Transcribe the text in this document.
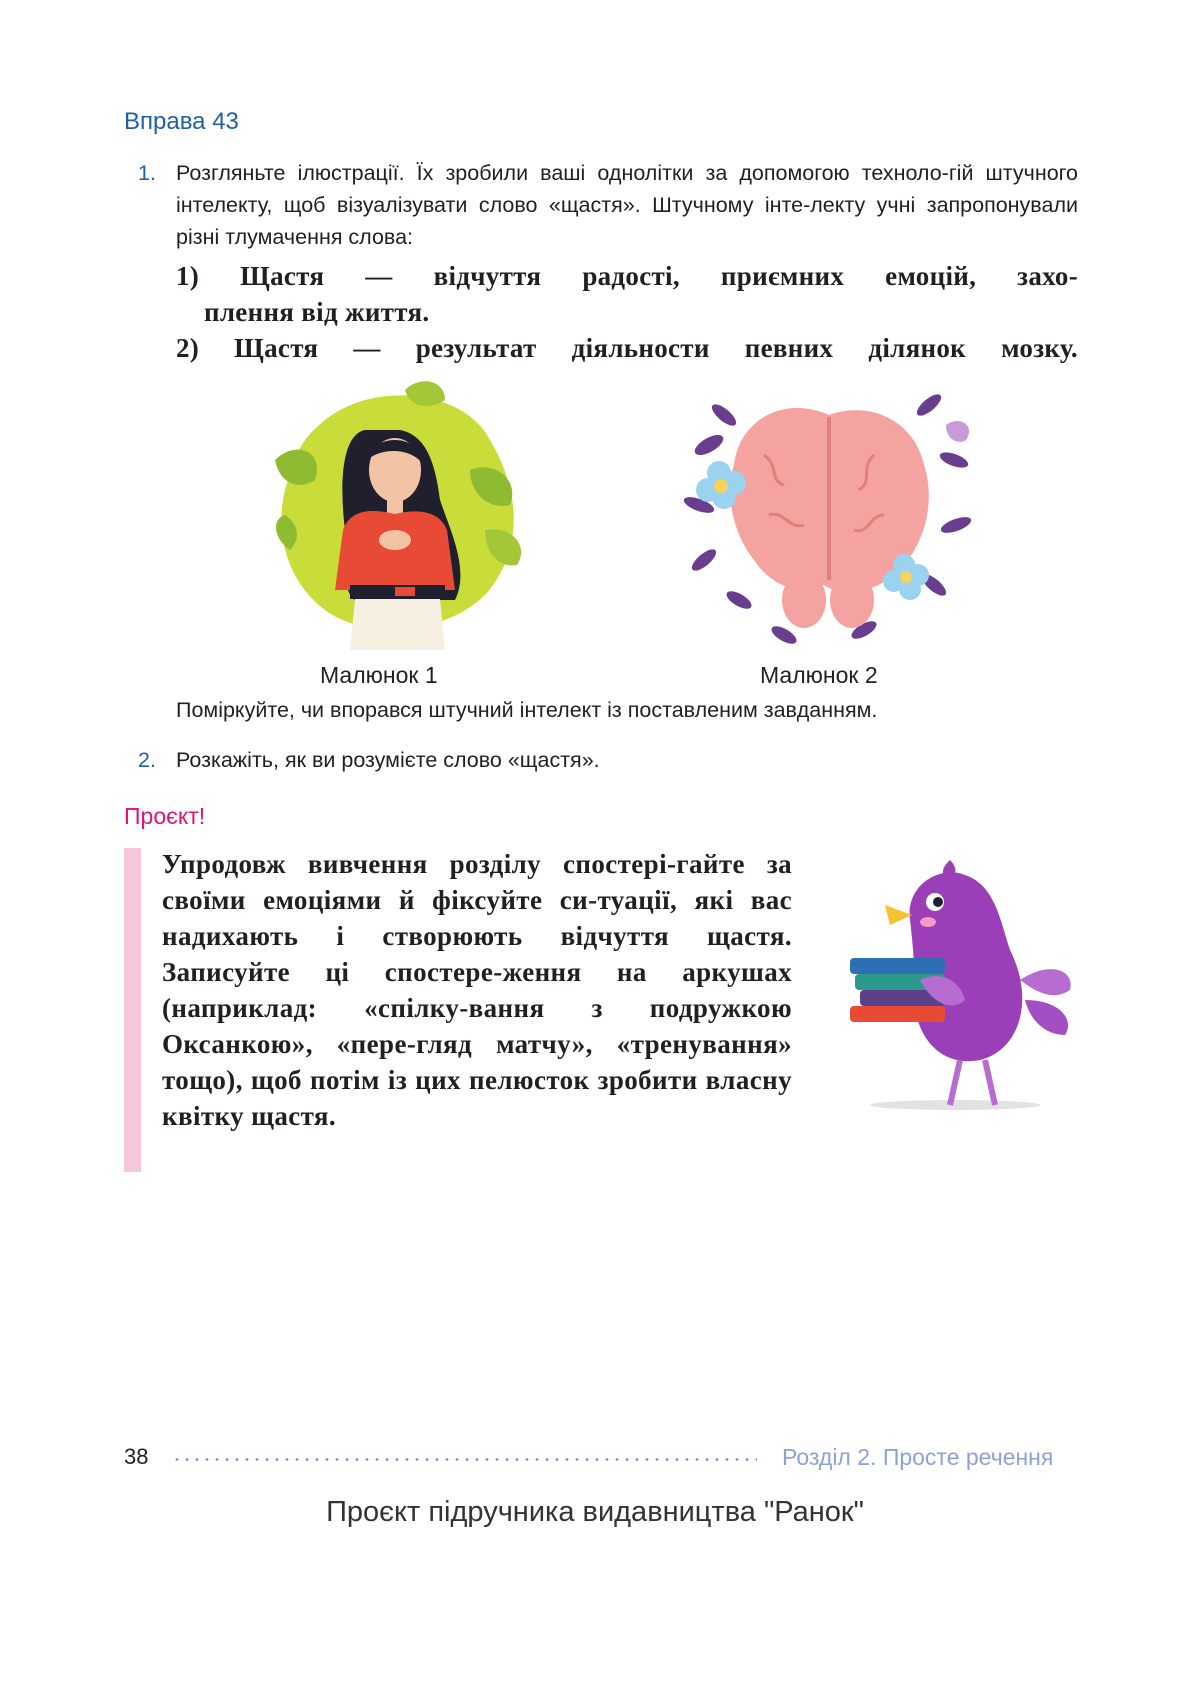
Вправа 43
1. Розгляньте ілюстрації. Їх зробили ваші однолітки за допомогою техноло-гій штучного інтелекту, щоб візуалізувати слово «щастя». Штучному інте-лекту учні запропонували різні тлумачення слова:
1) Щастя — відчуття радості, приємних емоцій, захо-
плення від життя.
2) Щастя — результат діяльности певних ділянок мозку.
Малюнок 1	Малюнок 2
Поміркуйте, чи впорався штучний інтелект із поставленим завданням.
2. Розкажіть, як ви розумієте слово «щастя».
Проєкт!
Упродовж вивчення розділу спостері-гайте за своїми емоціями й фіксуйте си-туації, які вас надихають і створюють відчуття щастя. Записуйте ці спостере-ження на аркушах (наприклад: «спілку-вання з подружкою Оксанкою», «пере-гляд матчу», «тренування» тощо), щоб потім із цих пелюсток зробити власну квітку щастя.
38	Розділ 2. Просте речення
Проєкт підручника видавництва "Ранок"
